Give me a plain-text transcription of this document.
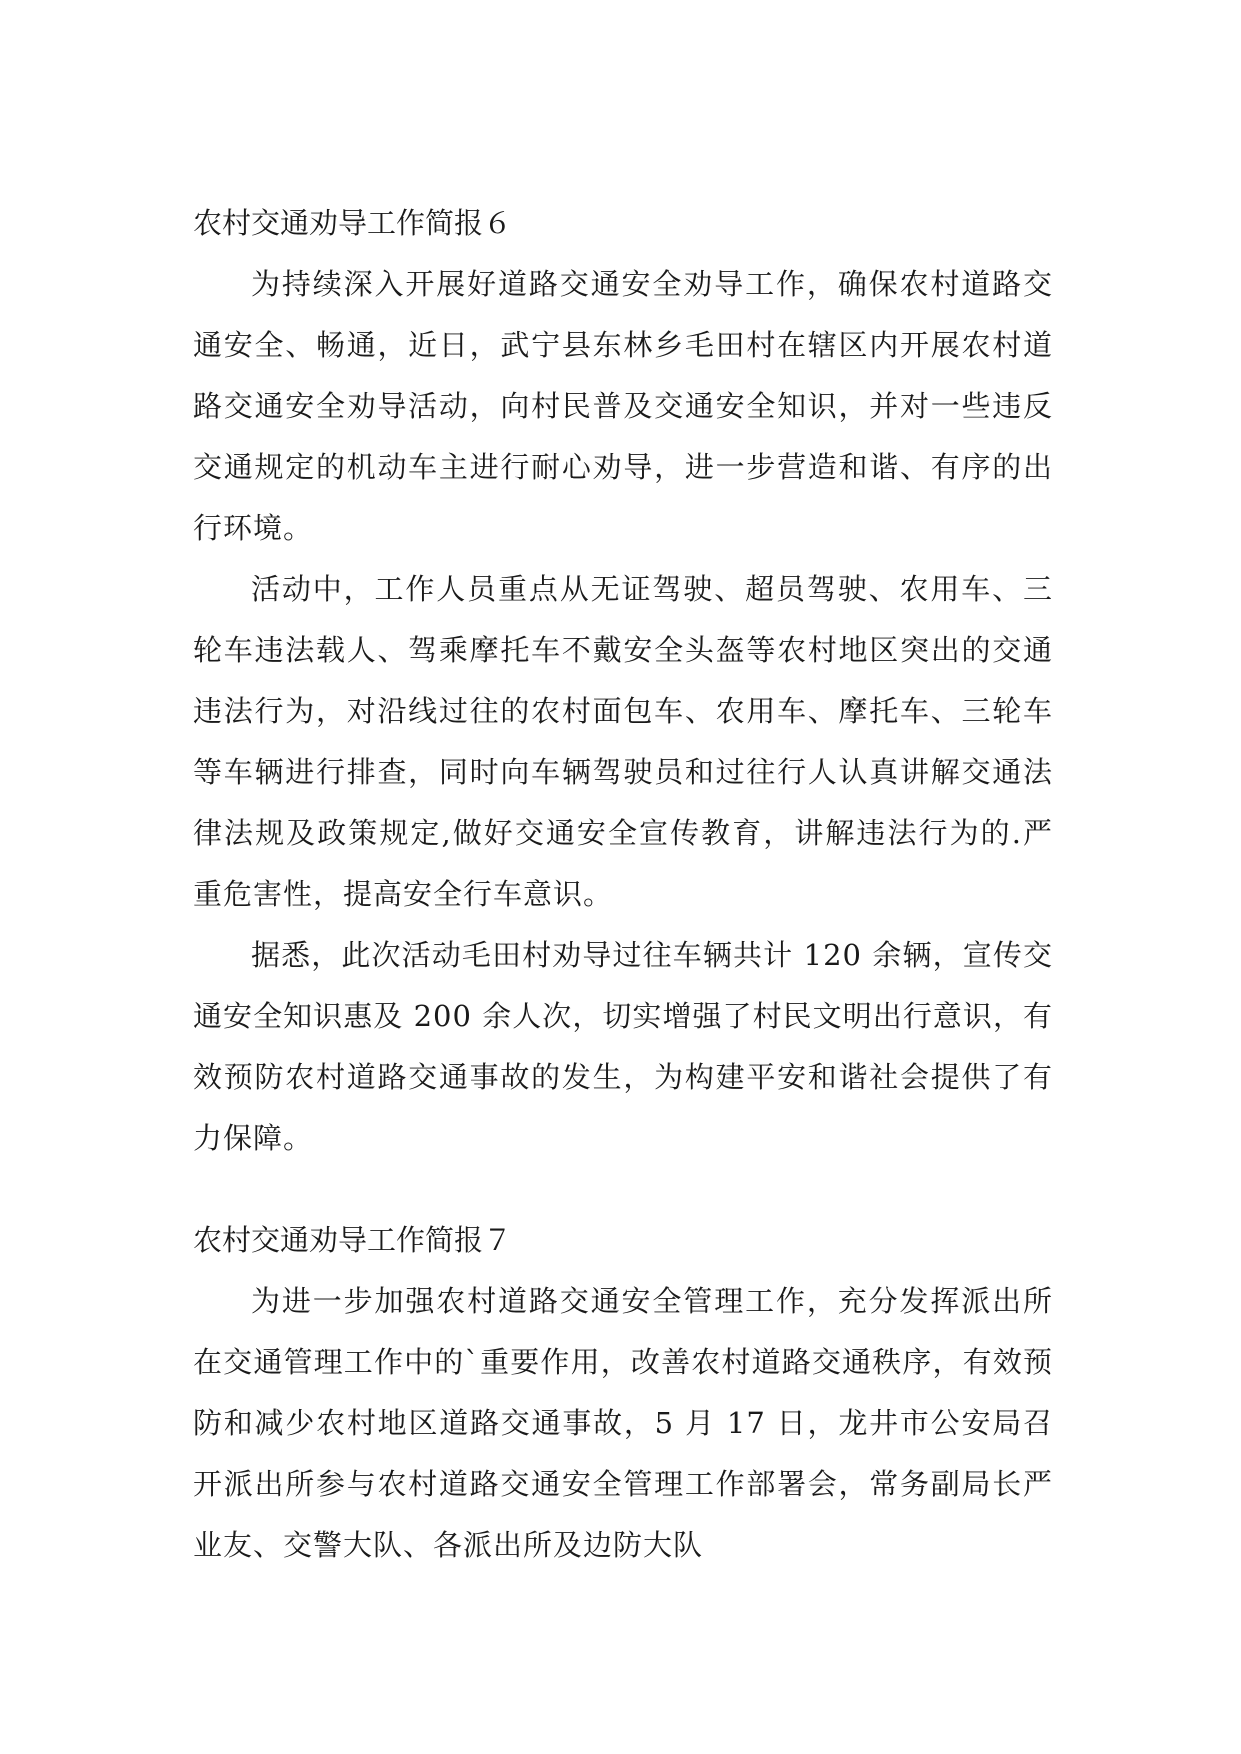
农村交通劝导工作简报６

为持续深入开展好道路交通安全劝导工作，确保农村道路交通安全、畅通，近日，武宁县东林乡毛田村在辖区内开展农村道路交通安全劝导活动，向村民普及交通安全知识，并对一些违反交通规定的机动车主进行耐心劝导，进一步营造和谐、有序的出行环境。

活动中，工作人员重点从无证驾驶、超员驾驶、农用车、三轮车违法载人、驾乘摩托车不戴安全头盔等农村地区突出的交通违法行为，对沿线过往的农村面包车、农用车、摩托车、三轮车等车辆进行排查，同时向车辆驾驶员和过往行人认真讲解交通法律法规及政策规定,做好交通安全宣传教育，讲解违法行为的.严重危害性，提高安全行车意识。

据悉，此次活动毛田村劝导过往车辆共计 120 余辆，宣传交通安全知识惠及 200 余人次，切实增强了村民文明出行意识，有效预防农村道路交通事故的发生，为构建平安和谐社会提供了有力保障。

农村交通劝导工作简报７

为进一步加强农村道路交通安全管理工作，充分发挥派出所在交通管理工作中的`重要作用，改善农村道路交通秩序，有效预防和减少农村地区道路交通事故，5 月 17 日，龙井市公安局召开派出所参与农村道路交通安全管理工作部署会，常务副局长严业友、交警大队、各派出所及边防大队
